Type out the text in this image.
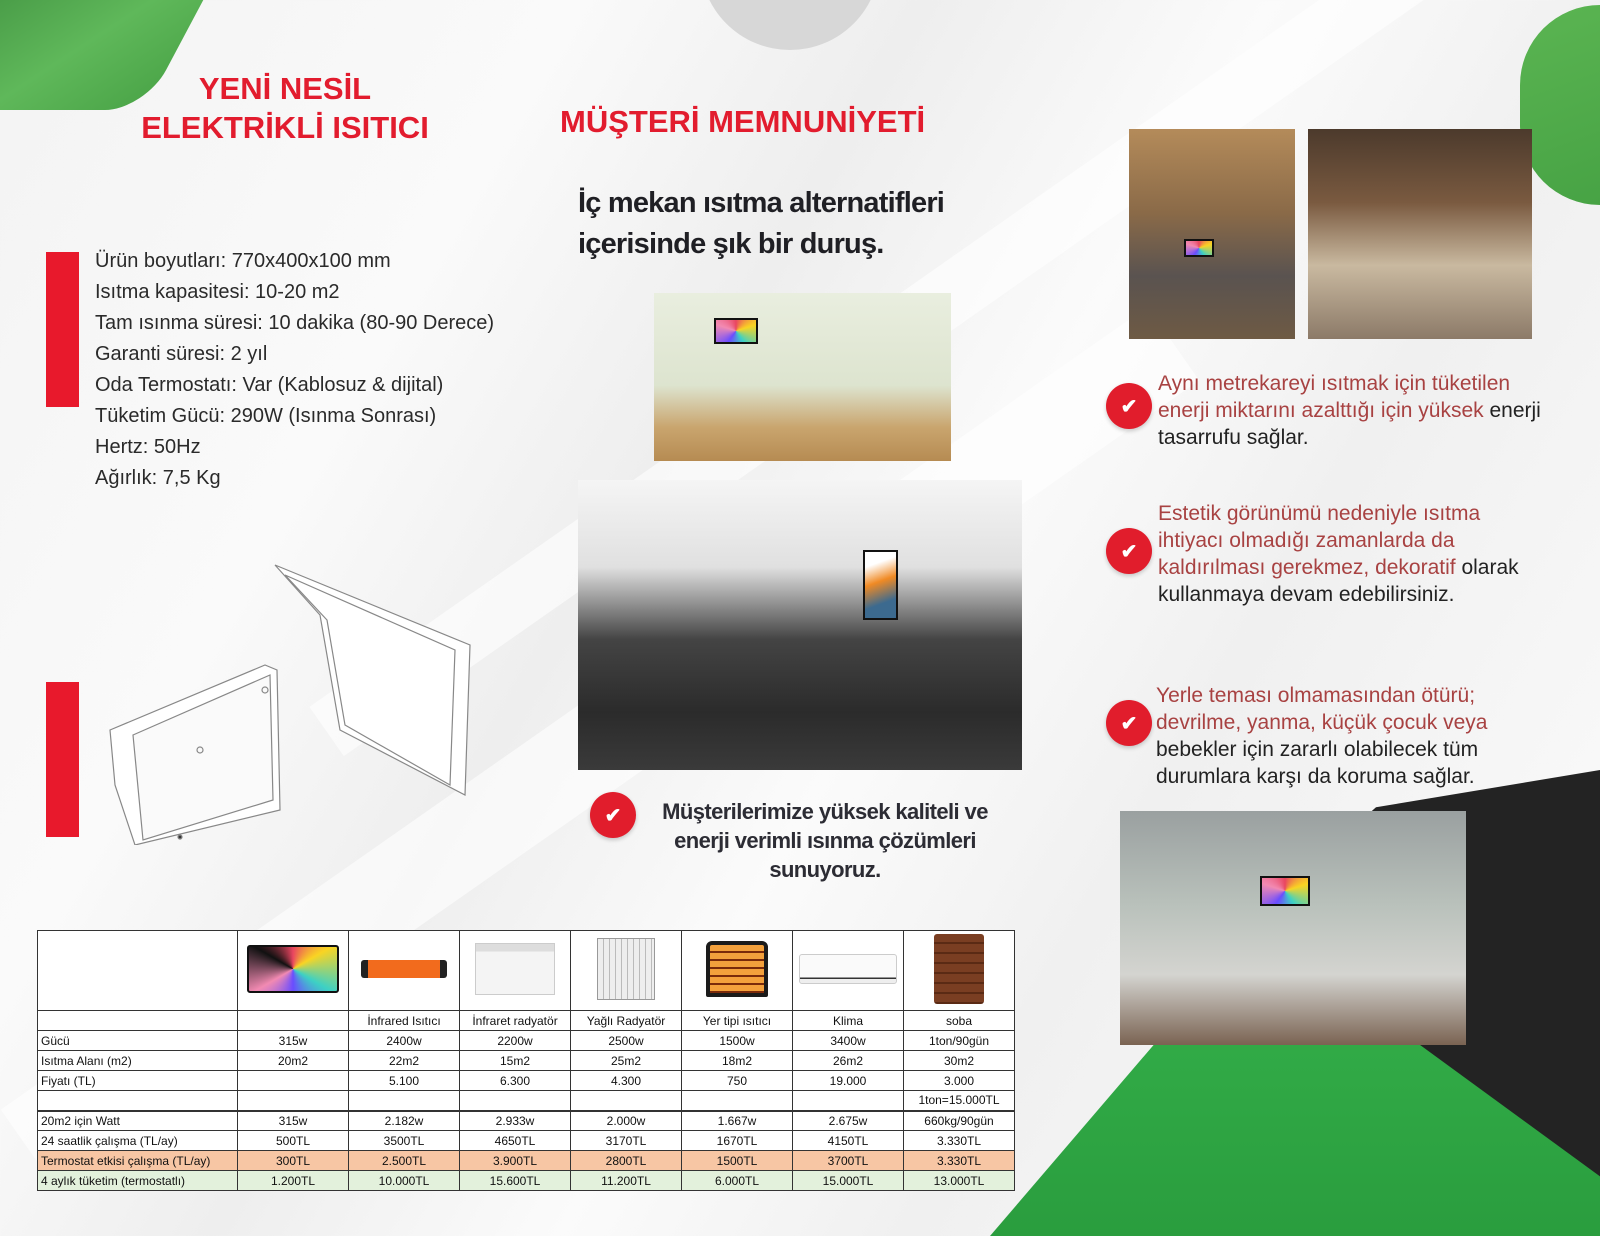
YENİ NESİL
ELEKTRİKLİ ISITICI
Ürün boyutları: 770x400x100 mm
Isıtma kapasitesi: 10-20 m2
Tam ısınma süresi: 10 dakika (80-90 Derece)
Garanti süresi: 2 yıl
Oda Termostatı: Var (Kablosuz & dijital)
Tüketim Gücü: 290W (Isınma Sonrası)
Hertz: 50Hz
Ağırlık: 7,5 Kg
MÜŞTERİ MEMNUNİYETİ
İç mekan ısıtma alternatifleri
içerisinde şık bir duruş.
✔	Müşterilerimize yüksek kaliteli ve
enerji verimli ısınma çözümleri
sunuyoruz.
✔
Aynı metrekareyi ısıtmak için tüketilen enerji miktarını azalttığı için yüksek enerji tasarrufu sağlar.
✔
Estetik görünümü nedeniyle ısıtma ihtiyacı olmadığı zamanlarda da kaldırılması gerekmez, dekoratif olarak kullanmaya devam edebilirsiniz.
✔
Yerle teması olmamasından ötürü; devrilme, yanma, küçük çocuk veya bebekler için zararlı olabilecek tüm durumlara karşı da koruma sağlar.

		İnfrared Isıtıcı	İnfraret radyatör	Yağlı Radyatör	Yer tipi ısıtıcı	Klima	soba
Gücü	315w	2400w	2200w	2500w	1500w	3400w	1ton/90gün
Isıtma Alanı (m2)	20m2	22m2	15m2	25m2	18m2	26m2	30m2
Fiyatı (TL)		5.100	6.300	4.300	750	19.000	3.000
							1ton=15.000TL
20m2 için Watt	315w	2.182w	2.933w	2.000w	1.667w	2.675w	660kg/90gün
24 saatlik çalışma (TL/ay)	500TL	3500TL	4650TL	3170TL	1670TL	4150TL	3.330TL
Termostat etkisi çalışma (TL/ay)	300TL	2.500TL	3.900TL	2800TL	1500TL	3700TL	3.330TL
4 aylık tüketim (termostatlı)	1.200TL	10.000TL	15.600TL	11.200TL	6.000TL	15.000TL	13.000TL
